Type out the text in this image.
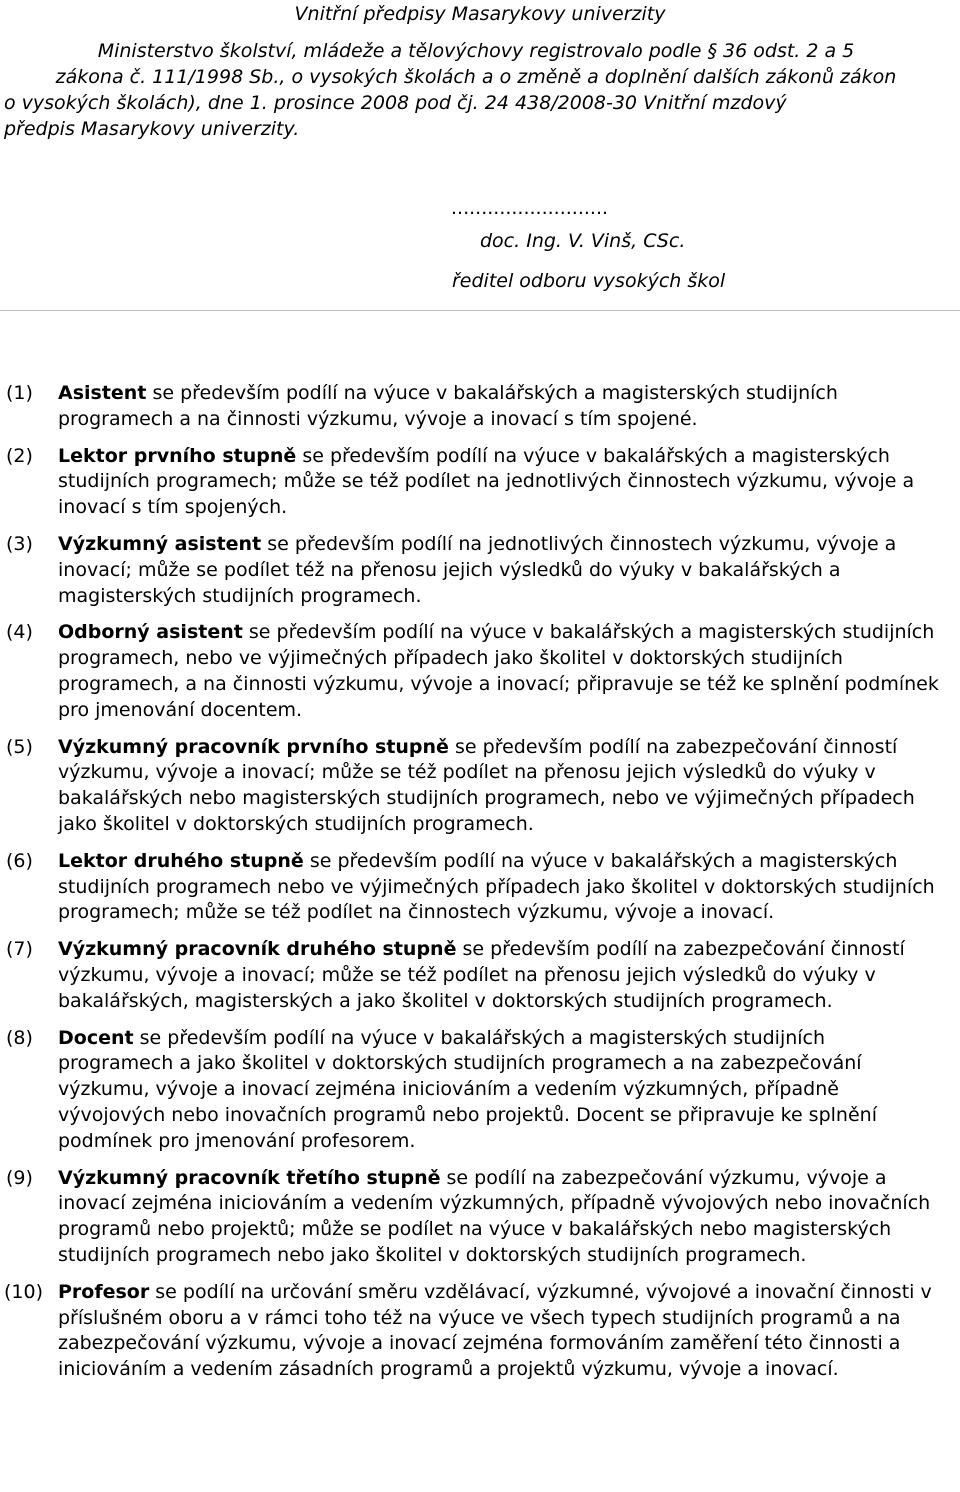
Vnitřní předpisy Masarykovy univerzity
Ministerstvo školství, mládeže a tělovýchovy registrovalo podle § 36 odst. 2 a 5
zákona č. 111/1998 Sb., o vysokých školách a o změně a doplnění dalších zákonů zákon
o vysokých školách), dne 1. prosince 2008 pod čj. 24 438/2008-30 Vnitřní mzdový
předpis Masarykovy univerzity.
..........................
doc. Ing. V. Vinš, CSc.
ředitel odboru vysokých škol
(1) Asistent se především podílí na výuce v bakalářských a magisterských studijních programech a na činnosti výzkumu, vývoje a inovací s tím spojené.
(2) Lektor prvního stupně se především podílí na výuce v bakalářských a magisterských studijních programech; může se též podílet na jednotlivých činnostech výzkumu, vývoje a inovací s tím spojených.
(3) Výzkumný asistent se především podílí na jednotlivých činnostech výzkumu, vývoje a inovací; může se podílet též na přenosu jejich výsledků do výuky v bakalářských a magisterských studijních programech.
(4) Odborný asistent se především podílí na výuce v bakalářských a magisterských studijních programech, nebo ve výjimečných případech jako školitel v doktorských studijních programech, a na činnosti výzkumu, vývoje a inovací; připravuje se též ke splnění podmínek pro jmenování docentem.
(5) Výzkumný pracovník prvního stupně se především podílí na zabezpečování činností výzkumu, vývoje a inovací; může se též podílet na přenosu jejich výsledků do výuky v bakalářských nebo magisterských studijních programech, nebo ve výjimečných případech jako školitel v doktorských studijních programech.
(6) Lektor druhého stupně se především podílí na výuce v bakalářských a magisterských studijních programech nebo ve výjimečných případech jako školitel v doktorských studijních programech; může se též podílet na činnostech výzkumu, vývoje a inovací.
(7) Výzkumný pracovník druhého stupně se především podílí na zabezpečování činností výzkumu, vývoje a inovací; může se též podílet na přenosu jejich výsledků do výuky v bakalářských, magisterských a jako školitel v doktorských studijních programech.
(8) Docent se především podílí na výuce v bakalářských a magisterských studijních programech a jako školitel v doktorských studijních programech a na zabezpečování výzkumu, vývoje a inovací zejména iniciováním a vedením výzkumných, případně vývojových nebo inovačních programů nebo projektů. Docent se připravuje ke splnění podmínek pro jmenování profesorem.
(9) Výzkumný pracovník třetího stupně se podílí na zabezpečování výzkumu, vývoje a inovací zejména iniciováním a vedením výzkumných, případně vývojových nebo inovačních programů nebo projektů; může se podílet na výuce v bakalářských nebo magisterských studijních programech nebo jako školitel v doktorských studijních programech.
(10) Profesor se podílí na určování směru vzdělávací, výzkumné, vývojové a inovační činnosti v příslušném oboru a v rámci toho též na výuce ve všech typech studijních programů a na zabezpečování výzkumu, vývoje a inovací zejména formováním zaměření této činnosti a iniciováním a vedením zásadních programů a projektů výzkumu, vývoje a inovací.
